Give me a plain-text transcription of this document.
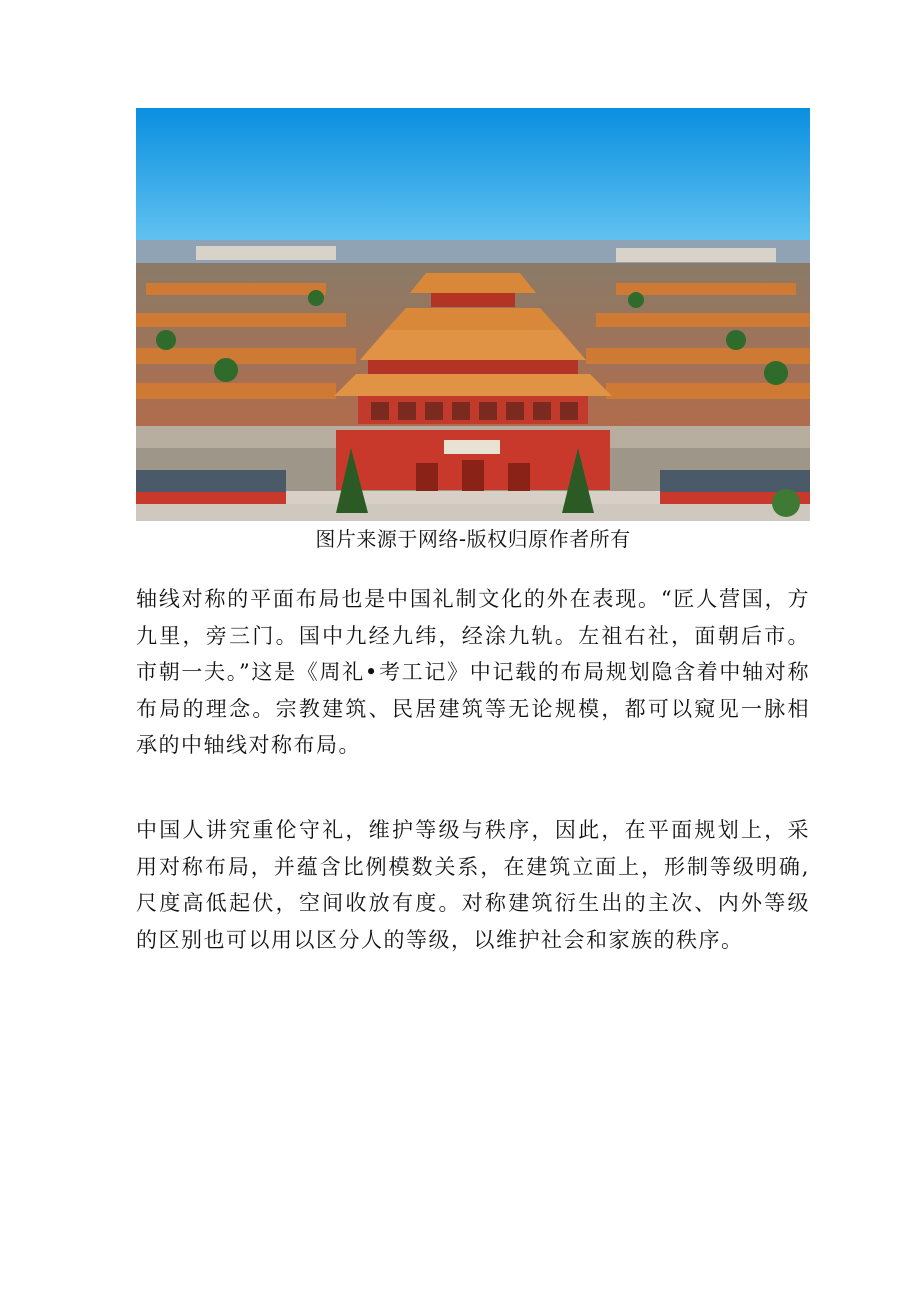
图片来源于网络-版权归原作者所有

轴线对称的平面布局也是中国礼制文化的外在表现。“匠人营国，方九里，旁三门。国中九经九纬，经涂九轨。左祖右社，面朝后市。市朝一夫。”这是《周礼•考工记》中记载的布局规划隐含着中轴对称布局的理念。宗教建筑、民居建筑等无论规模，都可以窥见一脉相承的中轴线对称布局。

中国人讲究重伦守礼，维护等级与秩序，因此，在平面规划上，采用对称布局，并蕴含比例模数关系，在建筑立面上，形制等级明确,尺度高低起伏，空间收放有度。对称建筑衍生出的主次、内外等级的区别也可以用以区分人的等级，以维护社会和家族的秩序。
